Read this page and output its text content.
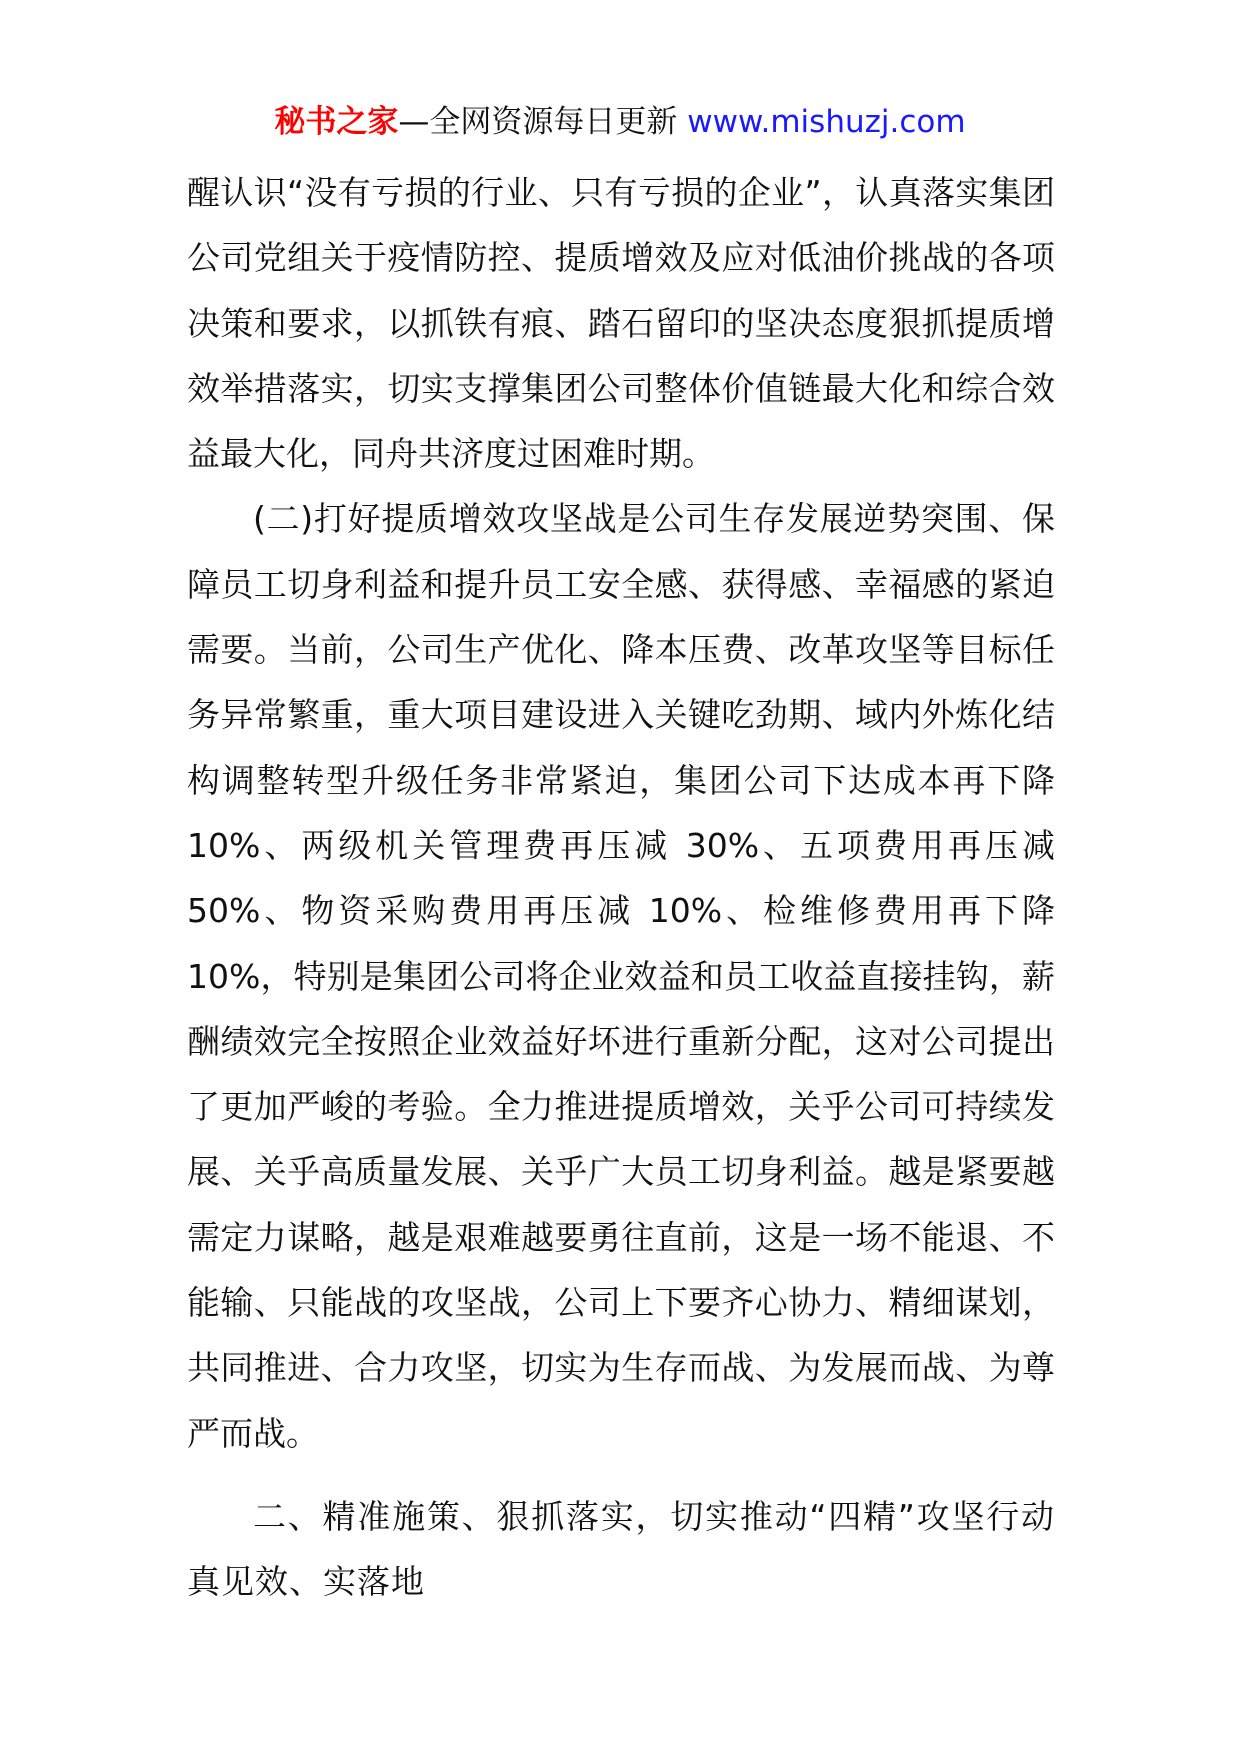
秘书之家—全网资源每日更新 www.mishuzj.com

醒认识“没有亏损的行业、只有亏损的企业”，认真落实集团公司党组关于疫情防控、提质增效及应对低油价挑战的各项决策和要求，以抓铁有痕、踏石留印的坚决态度狠抓提质增效举措落实，切实支撑集团公司整体价值链最大化和综合效益最大化，同舟共济度过困难时期。

(二)打好提质增效攻坚战是公司生存发展逆势突围、保障员工切身利益和提升员工安全感、获得感、幸福感的紧迫需要。当前，公司生产优化、降本压费、改革攻坚等目标任务异常繁重，重大项目建设进入关键吃劲期、域内外炼化结构调整转型升级任务非常紧迫，集团公司下达成本再下降 10%、两级机关管理费再压减 30%、五项费用再压减 50%、物资采购费用再压减 10%、检维修费用再下降 10%，特别是集团公司将企业效益和员工收益直接挂钩，薪酬绩效完全按照企业效益好坏进行重新分配，这对公司提出了更加严峻的考验。全力推进提质增效，关乎公司可持续发展、关乎高质量发展、关乎广大员工切身利益。越是紧要越需定力谋略，越是艰难越要勇往直前，这是一场不能退、不能输、只能战的攻坚战，公司上下要齐心协力、精细谋划，共同推进、合力攻坚，切实为生存而战、为发展而战、为尊严而战。

二、精准施策、狠抓落实，切实推动“四精”攻坚行动真见效、实落地
